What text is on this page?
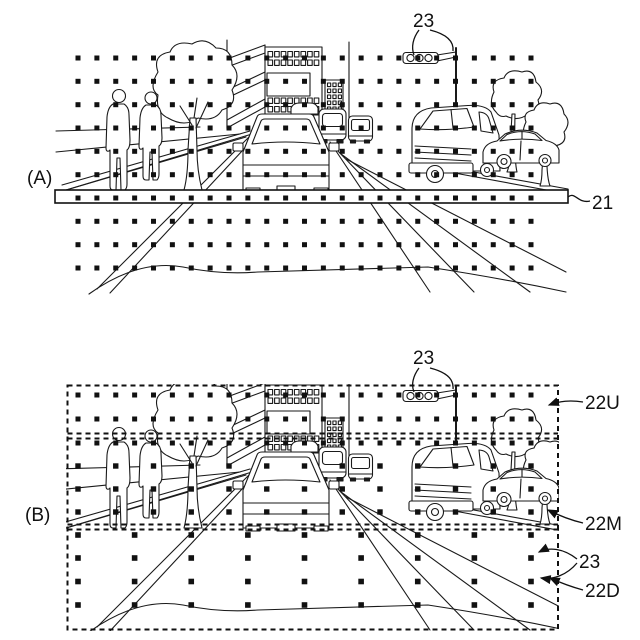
(A)
23
21
(B)
23
22U
22M
23
22D
